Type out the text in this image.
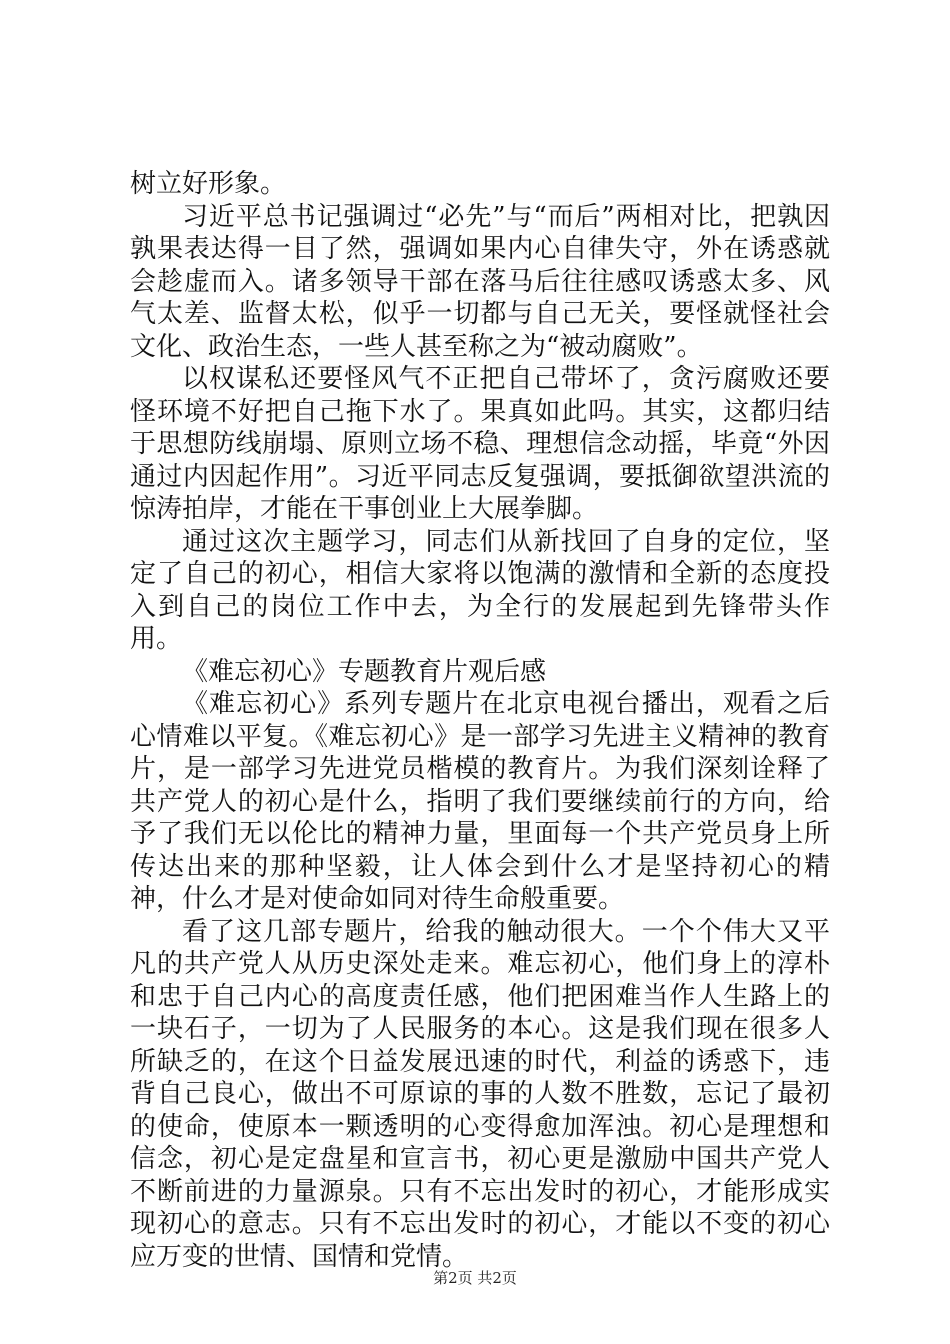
树立好形象。

习近平总书记强调过“必先”与“而后”两相对比，把孰因孰果表达得一目了然，强调如果内心自律失守，外在诱惑就会趁虚而入。诸多领导干部在落马后往往感叹诱惑太多、风气太差、监督太松，似乎一切都与自己无关，要怪就怪社会文化、政治生态，一些人甚至称之为“被动腐败”。

以权谋私还要怪风气不正把自己带坏了，贪污腐败还要怪环境不好把自己拖下水了。果真如此吗。其实，这都归结于思想防线崩塌、原则立场不稳、理想信念动摇，毕竟“外因通过内因起作用”。习近平同志反复强调，要抵御欲望洪流的惊涛拍岸，才能在干事创业上大展拳脚。

通过这次主题学习，同志们从新找回了自身的定位，坚定了自己的初心，相信大家将以饱满的激情和全新的态度投入到自己的岗位工作中去，为全行的发展起到先锋带头作用。

《难忘初心》专题教育片观后感

《难忘初心》系列专题片在北京电视台播出，观看之后心情难以平复。《难忘初心》是一部学习先进主义精神的教育片，是一部学习先进党员楷模的教育片。为我们深刻诠释了共产党人的初心是什么，指明了我们要继续前行的方向，给予了我们无以伦比的精神力量，里面每一个共产党员身上所传达出来的那种坚毅，让人体会到什么才是坚持初心的精神，什么才是对使命如同对待生命般重要。

看了这几部专题片，给我的触动很大。一个个伟大又平凡的共产党人从历史深处走来。难忘初心，他们身上的淳朴和忠于自己内心的高度责任感，他们把困难当作人生路上的一块石子，一切为了人民服务的本心。这是我们现在很多人所缺乏的，在这个日益发展迅速的时代，利益的诱惑下，违背自己良心，做出不可原谅的事的人数不胜数，忘记了最初的使命，使原本一颗透明的心变得愈加浑浊。初心是理想和信念，初心是定盘星和宣言书，初心更是激励中国共产党人不断前进的力量源泉。只有不忘出发时的初心，才能形成实现初心的意志。只有不忘出发时的初心，才能以不变的初心应万变的世情、国情和党情。

第2页 共2页
